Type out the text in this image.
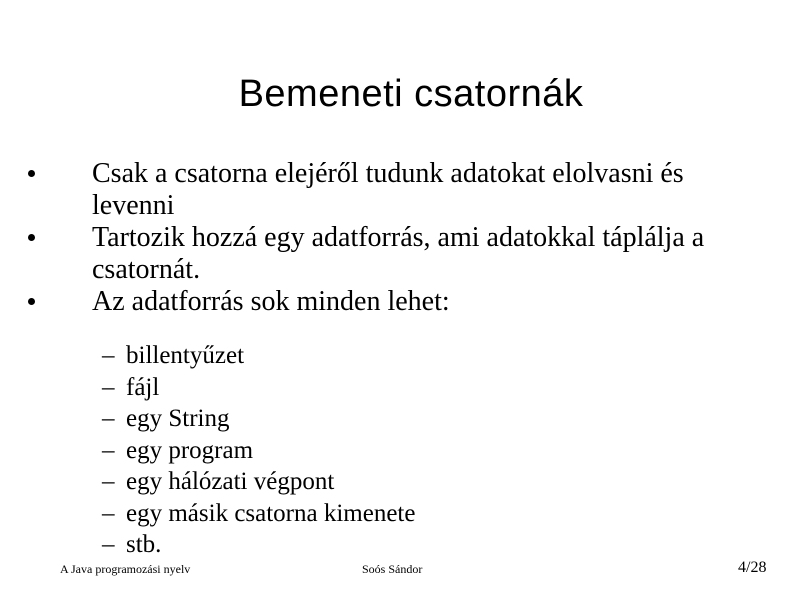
Bemeneti csatornák
Csak a csatorna elejéről tudunk adatokat elolvasni és levenni
Tartozik hozzá egy adatforrás, ami adatokkal táplálja a csatornát.
Az adatforrás sok minden lehet:
– billentyűzet
– fájl
– egy String
– egy program
– egy hálózati végpont
– egy másik csatorna kimenete
– stb.
A Java programozási nyelv	Soós Sándor	4/28
